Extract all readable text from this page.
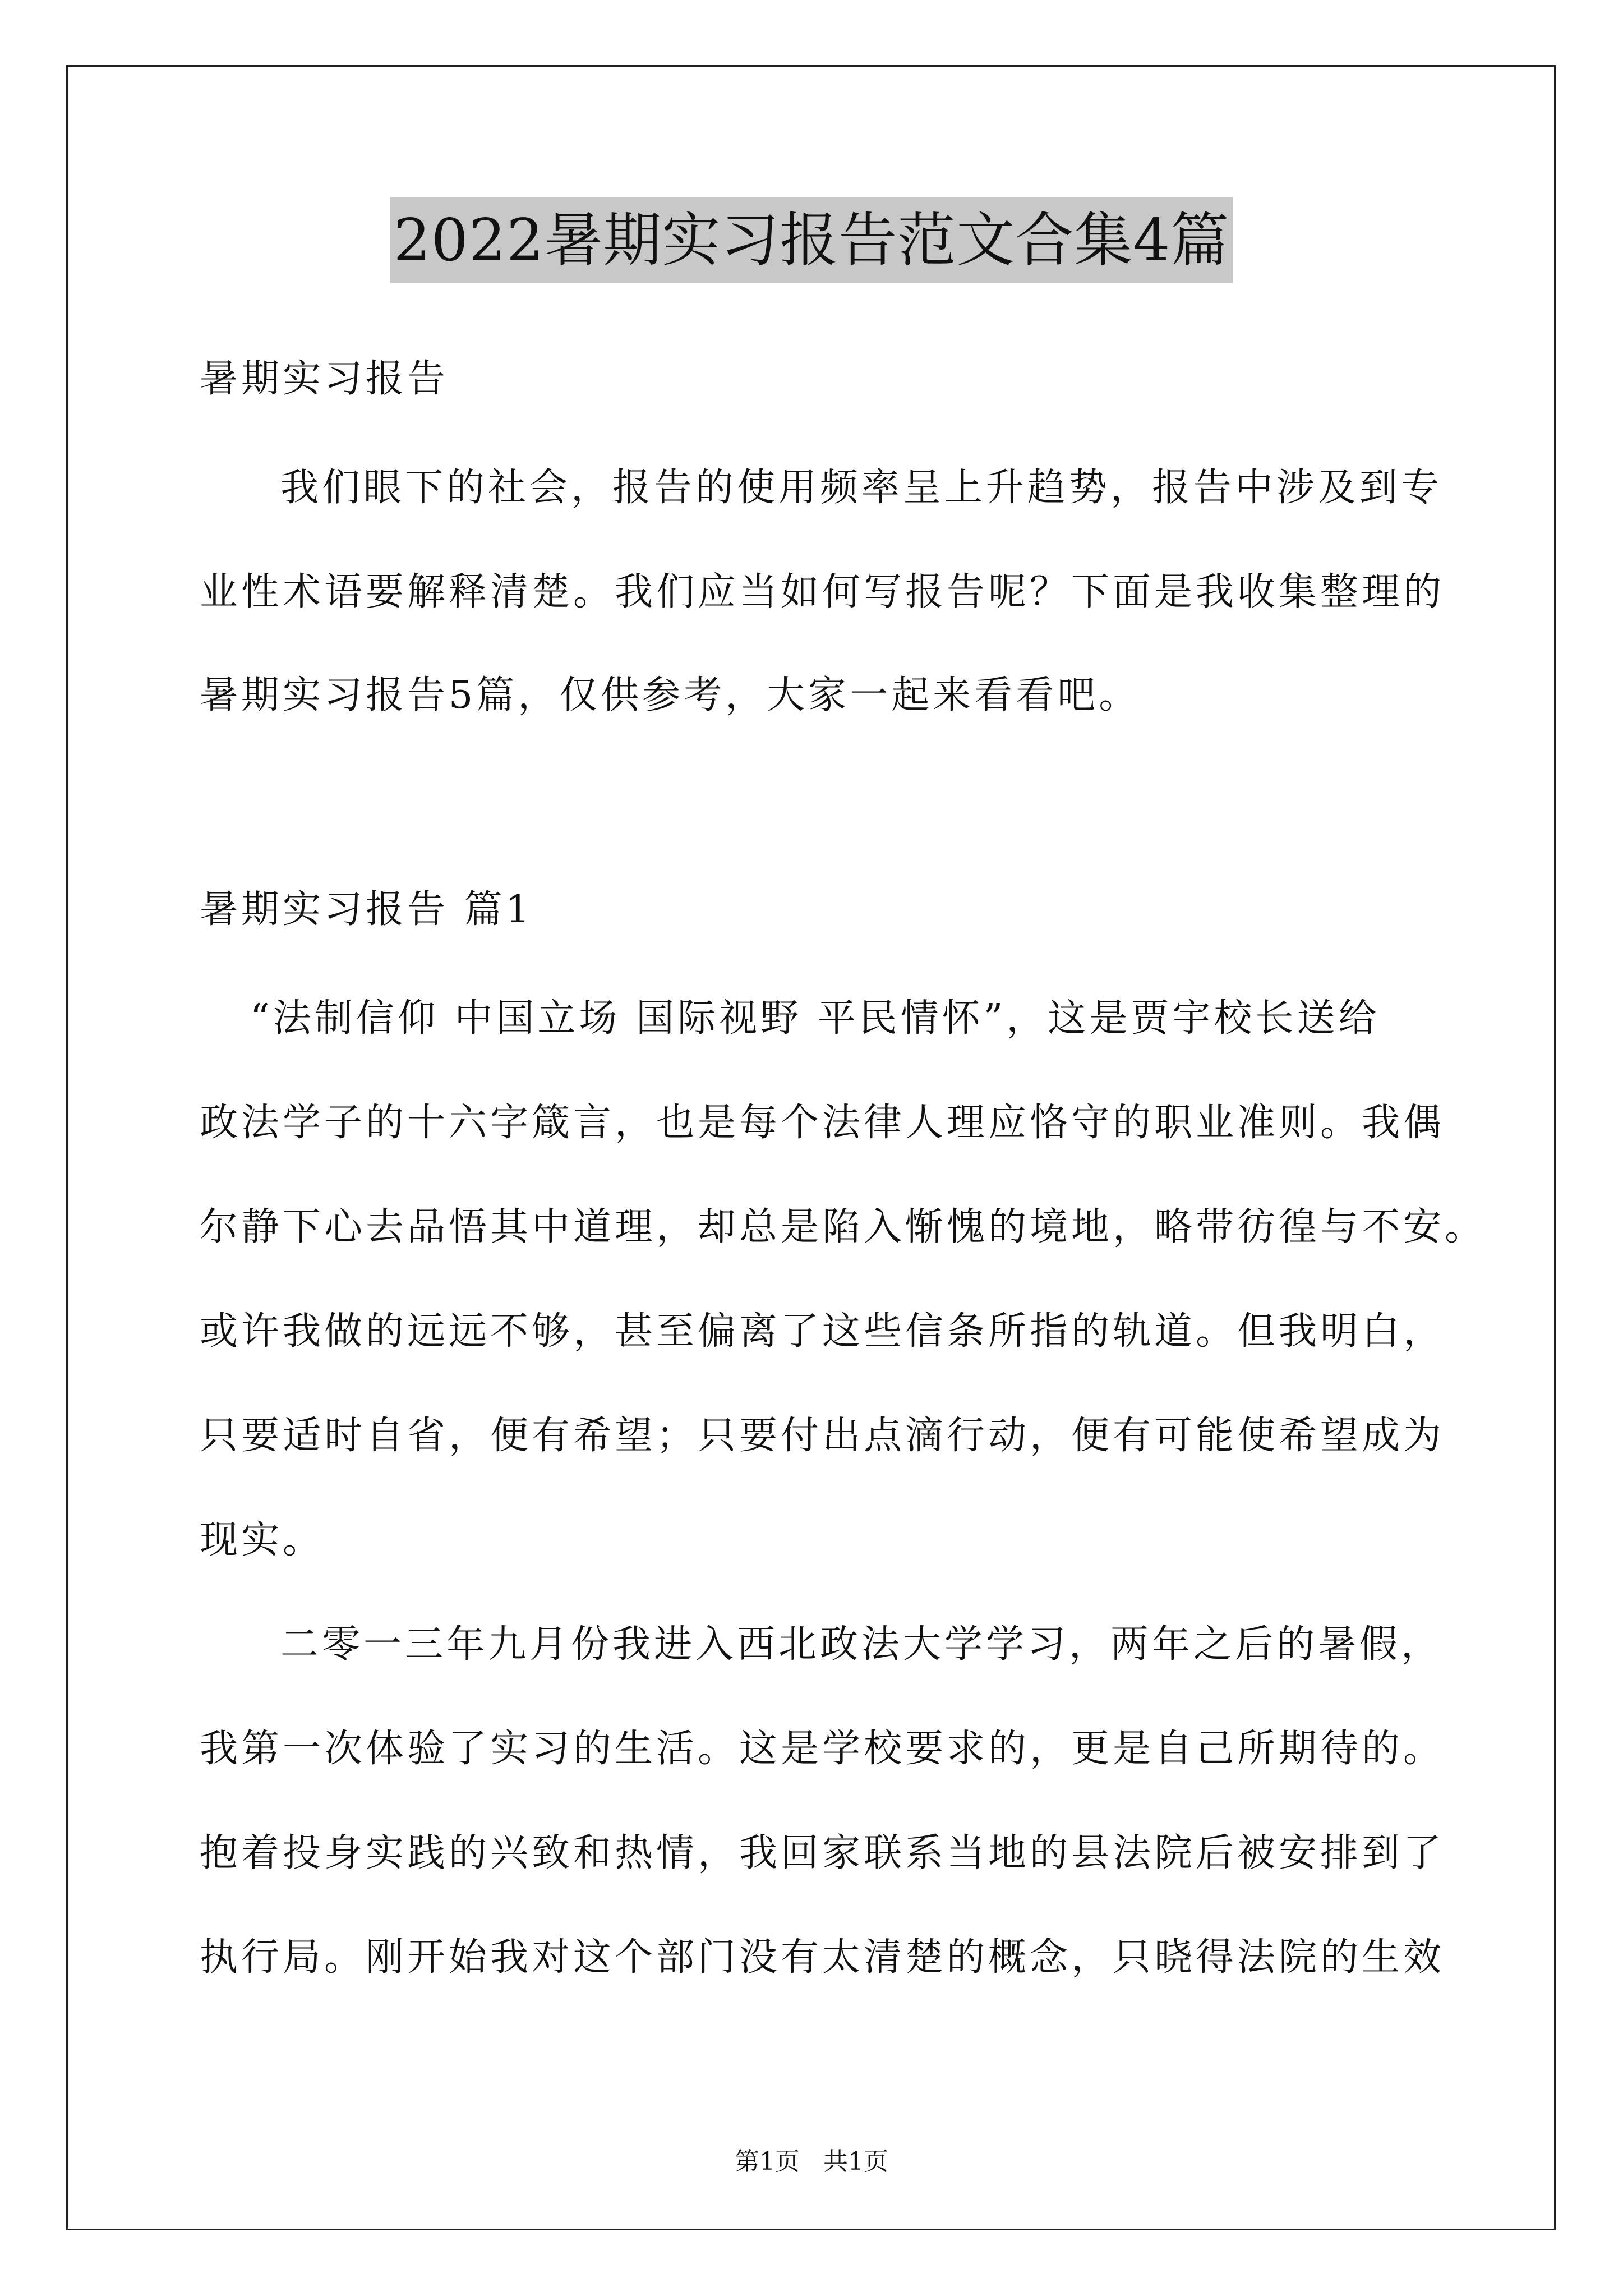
2022暑期实习报告范文合集4篇
暑期实习报告
我们眼下的社会，报告的使用频率呈上升趋势，报告中涉及到专
业性术语要解释清楚。我们应当如何写报告呢？下面是我收集整理的
暑期实习报告5篇，仅供参考，大家一起来看看吧。
暑期实习报告 篇1
“法制信仰 中国立场 国际视野 平民情怀”，这是贾宇校长送给
政法学子的十六字箴言，也是每个法律人理应恪守的职业准则。我偶
尔静下心去品悟其中道理，却总是陷入惭愧的境地，略带彷徨与不安。
或许我做的远远不够，甚至偏离了这些信条所指的轨道。但我明白，
只要适时自省，便有希望；只要付出点滴行动，便有可能使希望成为
现实。
二零一三年九月份我进入西北政法大学学习，两年之后的暑假，
我第一次体验了实习的生活。这是学校要求的，更是自己所期待的。
抱着投身实践的兴致和热情，我回家联系当地的县法院后被安排到了
执行局。刚开始我对这个部门没有太清楚的概念，只晓得法院的生效
第1页   共1页
